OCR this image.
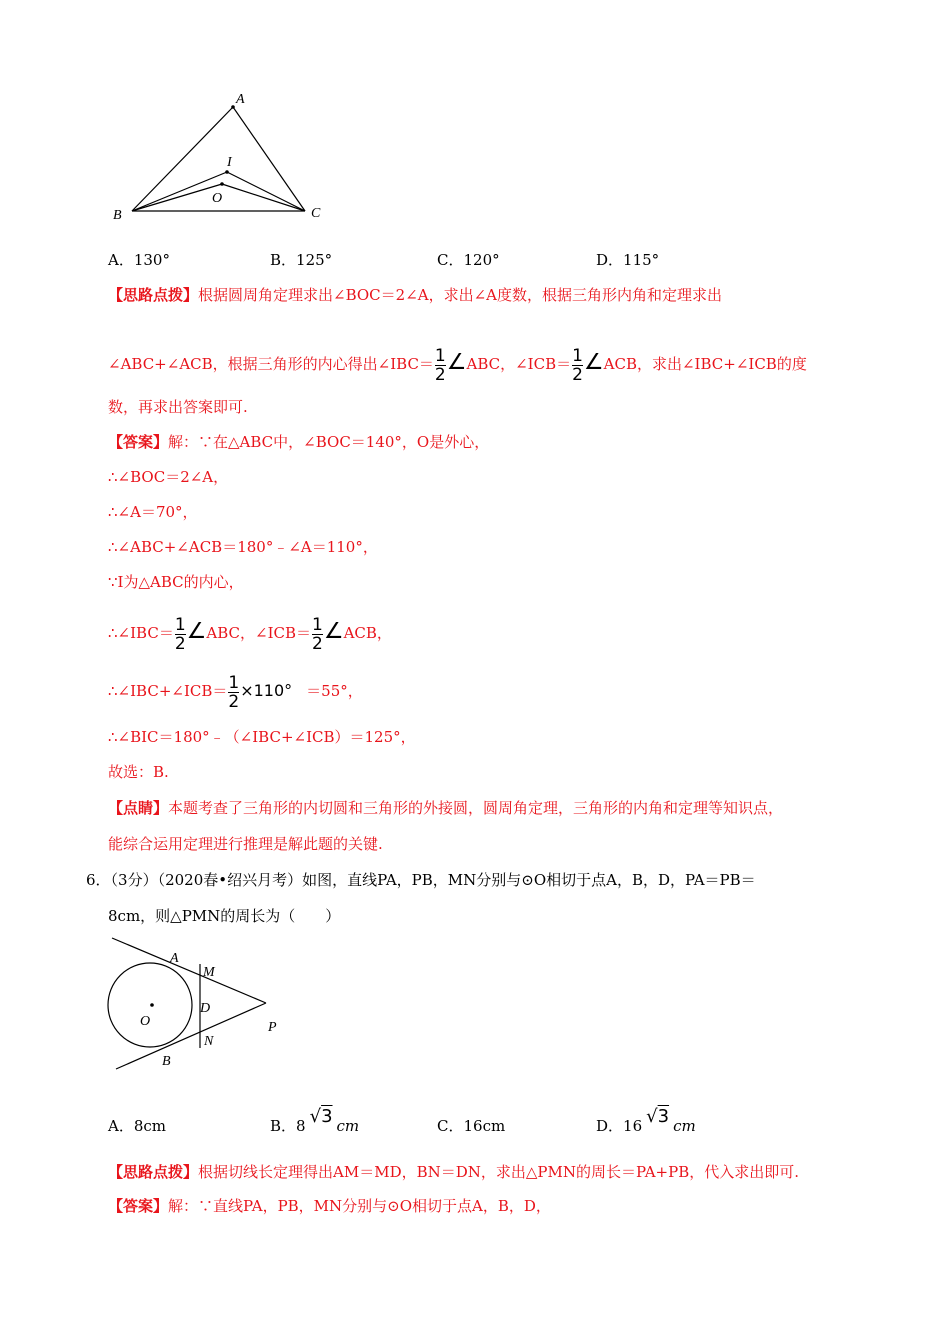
A
I
O
B	C
A．130°	B．125°	C．120°	D．115°
【思路点拨】根据圆周角定理求出∠BOC＝2∠A，求出∠A度数，根据三角形内角和定理求出
∠ABC+∠ACB，根据三角形的内心得出∠IBC＝ $\frac{1}{2}$ ∠ABC，∠ICB＝ $\frac{1}{2}$ ∠ACB，求出∠IBC+∠ICB的度
数，再求出答案即可.
【答案】解：∵在△ABC中，∠BOC＝140°，O是外心，
∴∠BOC＝2∠A，
∴∠A＝70°，
∴∠ABC+∠ACB＝180°﹣∠A＝110°，
∵I为△ABC的内心，
∴∠IBC＝ $\frac{1}{2}$ ∠ABC，∠ICB＝ $\frac{1}{2}$ ∠ACB，
∴∠IBC+∠ICB＝ $\frac{1}{2} \times 110^\circ =55^\circ$，
∴∠BIC＝180°﹣（∠IBC+∠ICB）＝125°，
故选：B.
【点睛】本题考查了三角形的内切圆和三角形的外接圆，圆周角定理，三角形的内角和定理等知识点，
能综合运用定理进行推理是解此题的关键.
6．（3分）（2020春•绍兴月考）如图，直线PA，PB，MN分别与⊙O相切于点A，B，D，PA＝PB＝
8cm，则△PMN的周长为（　　）
A
M
D
O	P
N
B
A．8cm	B．8 √3 cm	C．16cm	D．16 √3 cm
【思路点拨】根据切线长定理得出AM＝MD，BN＝DN，求出△PMN的周长＝PA+PB，代入求出即可.
【答案】解：∵直线PA，PB，MN分别与⊙O相切于点A，B，D，
